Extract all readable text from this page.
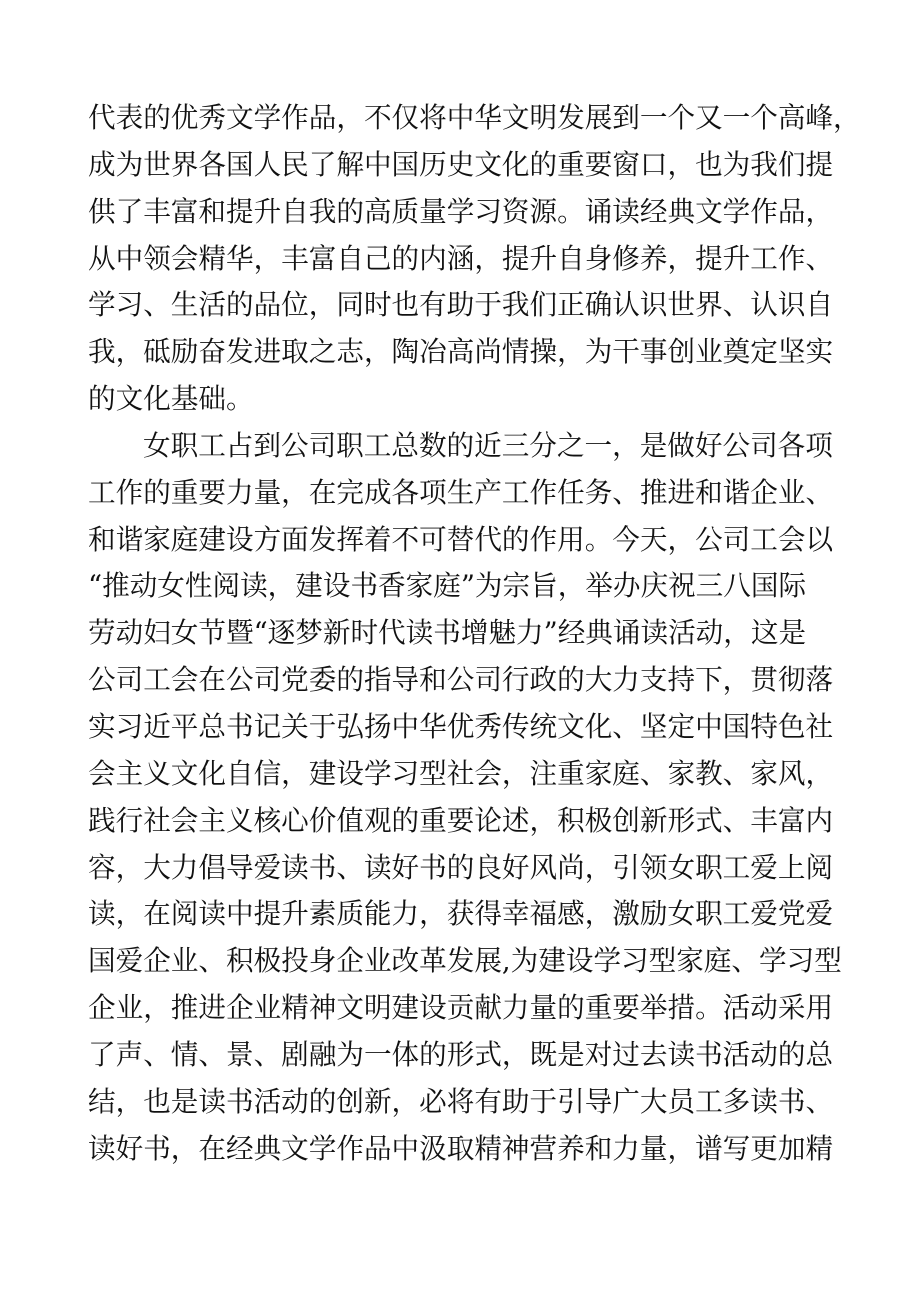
代表的优秀文学作品，不仅将中华文明发展到一个又一个高峰，
成为世界各国人民了解中国历史文化的重要窗口，也为我们提
供了丰富和提升自我的高质量学习资源。诵读经典文学作品，
从中领会精华，丰富自己的内涵，提升自身修养，提升工作、
学习、生活的品位，同时也有助于我们正确认识世界、认识自
我，砥励奋发进取之志，陶冶高尚情操，为干事创业奠定坚实
的文化基础。
女职工占到公司职工总数的近三分之一，是做好公司各项
工作的重要力量，在完成各项生产工作任务、推进和谐企业、
和谐家庭建设方面发挥着不可替代的作用。今天，公司工会以
“推动女性阅读，建设书香家庭”为宗旨，举办庆祝三八国际
劳动妇女节暨“逐梦新时代读书增魅力”经典诵读活动，这是
公司工会在公司党委的指导和公司行政的大力支持下，贯彻落
实习近平总书记关于弘扬中华优秀传统文化、坚定中国特色社
会主义文化自信，建设学习型社会，注重家庭、家教、家风，
践行社会主义核心价值观的重要论述，积极创新形式、丰富内
容，大力倡导爱读书、读好书的良好风尚，引领女职工爱上阅
读，在阅读中提升素质能力，获得幸福感，激励女职工爱党爱
国爱企业、积极投身企业改革发展,为建设学习型家庭、学习型
企业，推进企业精神文明建设贡献力量的重要举措。活动采用
了声、情、景、剧融为一体的形式，既是对过去读书活动的总
结，也是读书活动的创新，必将有助于引导广大员工多读书、
读好书，在经典文学作品中汲取精神营养和力量，谱写更加精
